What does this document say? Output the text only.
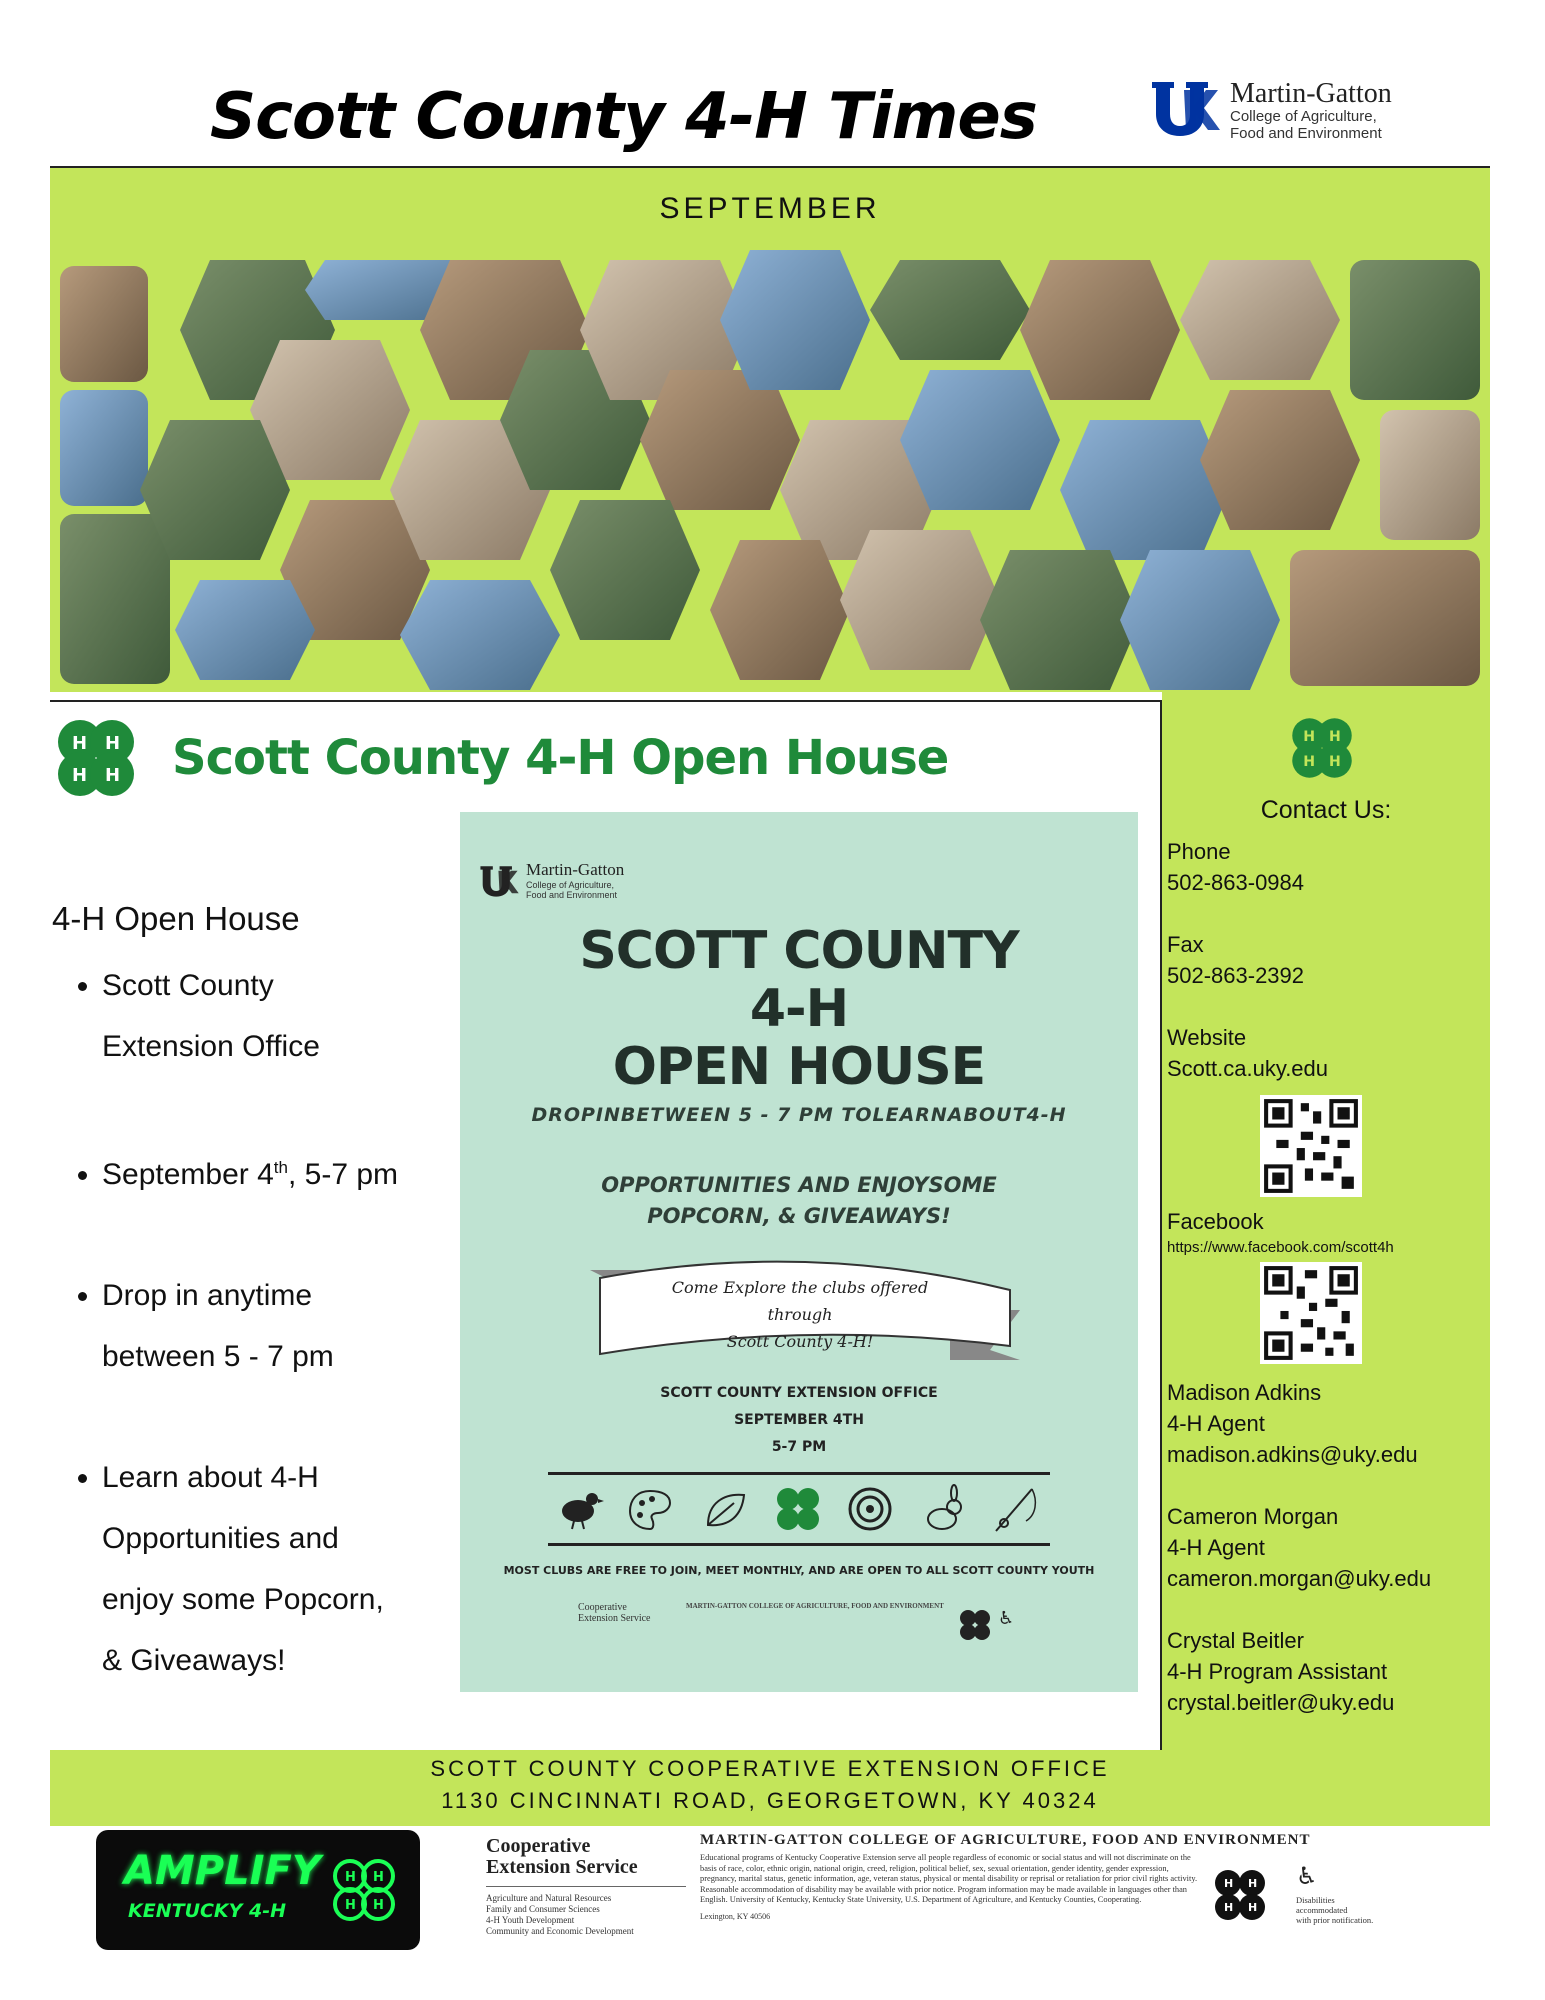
Scott County 4-H Times	Martin-Gatton
College of Agriculture,
Food and Environment
SEPTEMBER
H H
H H Scott County 4-H Open House
4-H Open House
• Scott County
Extension Office
• September 4th, 5-7 pm
• Drop in anytime
between 5 - 7 pm
• Learn about 4-H
Opportunities and
enjoy some Popcorn,
& Giveaways!
Martin-Gatton
College of Agriculture,
Food and Environment
SCOTT COUNTY
4-H
OPEN HOUSE
DROPINBETWEEN 5 - 7 PM TOLEARNABOUT4-H
OPPORTUNITIES AND ENJOYSOME
POPCORN, & GIVEAWAYS!
Come Explore the clubs offered through
Scott County 4-H!
SCOTT COUNTY EXTENSION OFFICE
SEPTEMBER 4TH
5-7 PM
MOST CLUBS ARE FREE TO JOIN, MEET MONTHLY, AND ARE OPEN TO ALL SCOTT COUNTY YOUTH
Cooperative
Extension Service
MARTIN-GATTON COLLEGE OF AGRICULTURE, FOOD AND ENVIRONMENT
♿
H H
H H
Contact Us:
Phone
502-863-0984
Fax
502-863-2392
Website
Scott.ca.uky.edu
Facebook
https://www.facebook.com/scott4h
Madison Adkins
4-H Agent
madison.adkins@uky.edu
Cameron Morgan
4-H Agent
cameron.morgan@uky.edu
Crystal Beitler
4-H Program Assistant
crystal.beitler@uky.edu
SCOTT COUNTY COOPERATIVE EXTENSION OFFICE
1130 CINCINNATI ROAD, GEORGETOWN, KY 40324
AMPLIFY
KENTUCKY 4-H
H H
H H
Cooperative
Extension Service
Agriculture and Natural Resources
Family and Consumer Sciences
4-H Youth Development
Community and Economic Development
MARTIN-GATTON COLLEGE OF AGRICULTURE, FOOD AND ENVIRONMENT
Educational programs of Kentucky Cooperative Extension serve all people regardless of economic or social status and will not discriminate on the basis of race, color, ethnic origin, national origin, creed, religion, political belief, sex, sexual orientation, gender identity, gender expression, pregnancy, marital status, genetic information, age, veteran status, physical or mental disability or reprisal or retaliation for prior civil rights activity. Reasonable accommodation of disability may be available with prior notice. Program information may be made available in languages other than English. University of Kentucky, Kentucky State University, U.S. Department of Agriculture, and Kentucky Counties, Cooperating.
Lexington, KY 40506
H H
H H
♿
Disabilities
accommodated
with prior notification.
